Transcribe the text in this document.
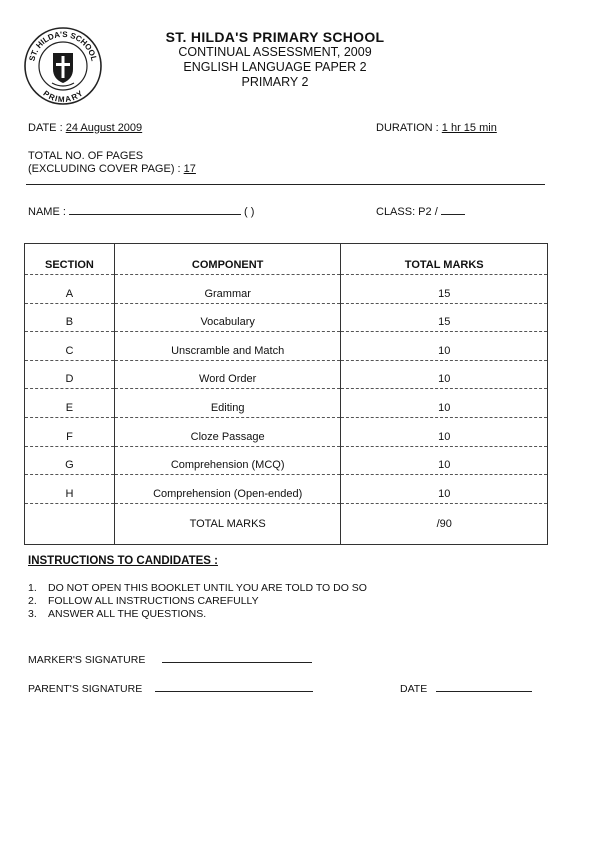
ST. HILDA'S SCHOOL
PRIMARY
ST. HILDA'S PRIMARY SCHOOL
CONTINUAL ASSESSMENT, 2009
ENGLISH LANGUAGE PAPER 2
PRIMARY 2
DATE : 24 August 2009	DURATION : 1 hr 15 min
TOTAL NO. OF PAGES
(EXCLUDING COVER PAGE) : 17
NAME :	( )	CLASS: P2 /
SECTION	COMPONENT	TOTAL MARKS
A	Grammar	15
B	Vocabulary	15
C	Unscramble and Match	10
D	Word Order	10
E	Editing	10
F	Cloze Passage	10
G	Comprehension (MCQ)	10
H	Comprehension (Open-ended)	10
	TOTAL MARKS	/90
INSTRUCTIONS TO CANDIDATES :
1. DO NOT OPEN THIS BOOKLET UNTIL YOU ARE TOLD TO DO SO
2. FOLLOW ALL INSTRUCTIONS CAREFULLY
3. ANSWER ALL THE QUESTIONS.
MARKER'S SIGNATURE
PARENT'S SIGNATURE	DATE
